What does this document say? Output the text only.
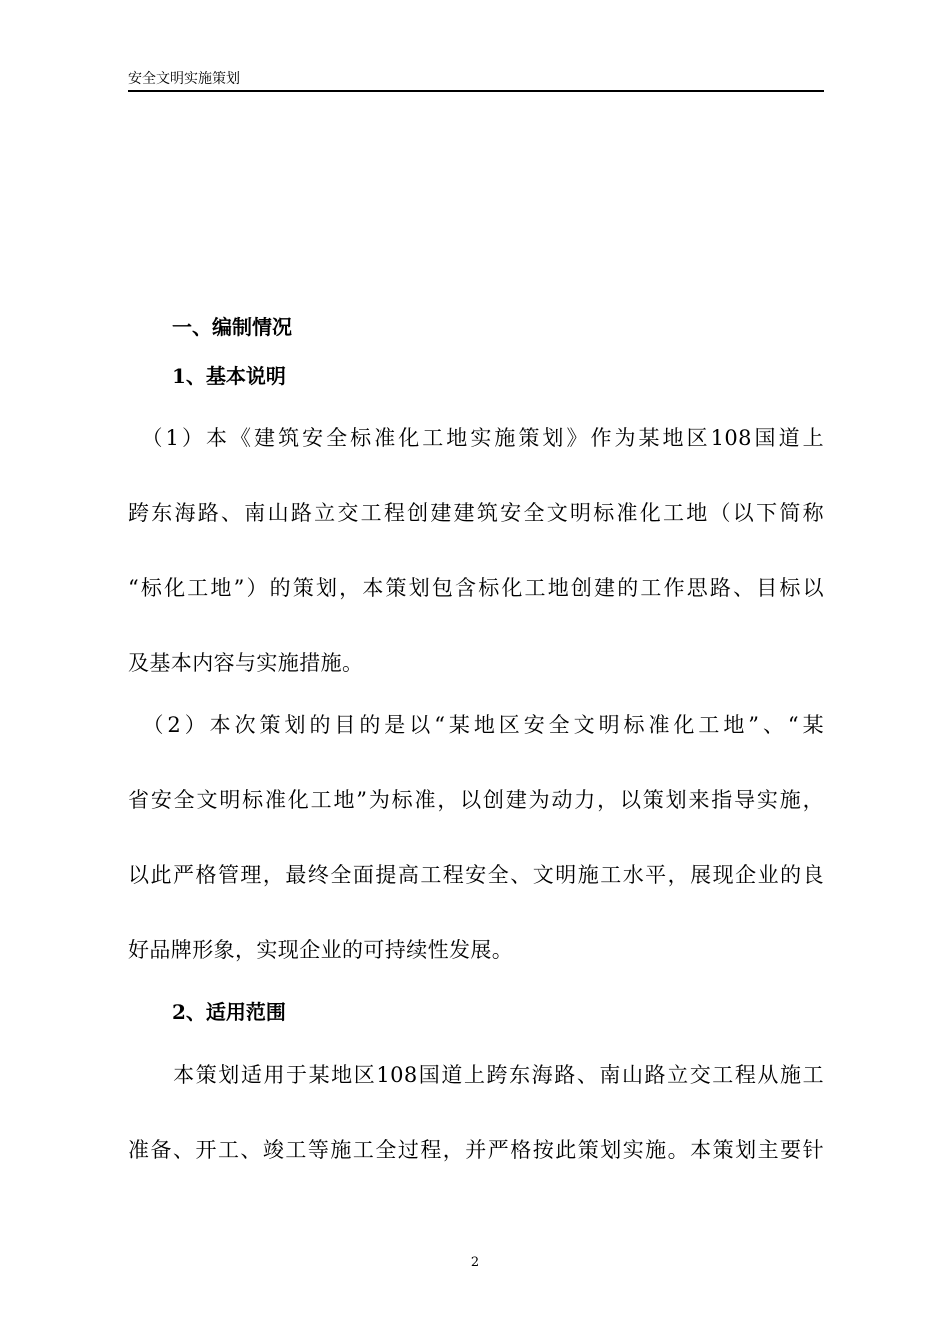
安全文明实施策划
一、编制情况
1、基本说明
　（1）本《建筑安全标准化工地实施策划》作为某地区108国道上
跨东海路、南山路立交工程创建建筑安全文明标准化工地（以下简称
“标化工地”）的策划，本策划包含标化工地创建的工作思路、目标以
及基本内容与实施措施。
　（2）本次策划的目的是以“某地区安全文明标准化工地”、“某
省安全文明标准化工地”为标准，以创建为动力，以策划来指导实施，
以此严格管理，最终全面提高工程安全、文明施工水平，展现企业的良
好品牌形象，实现企业的可持续性发展。
2、适用范围
　　本策划适用于某地区108国道上跨东海路、南山路立交工程从施工
准备、开工、竣工等施工全过程，并严格按此策划实施。本策划主要针
2
